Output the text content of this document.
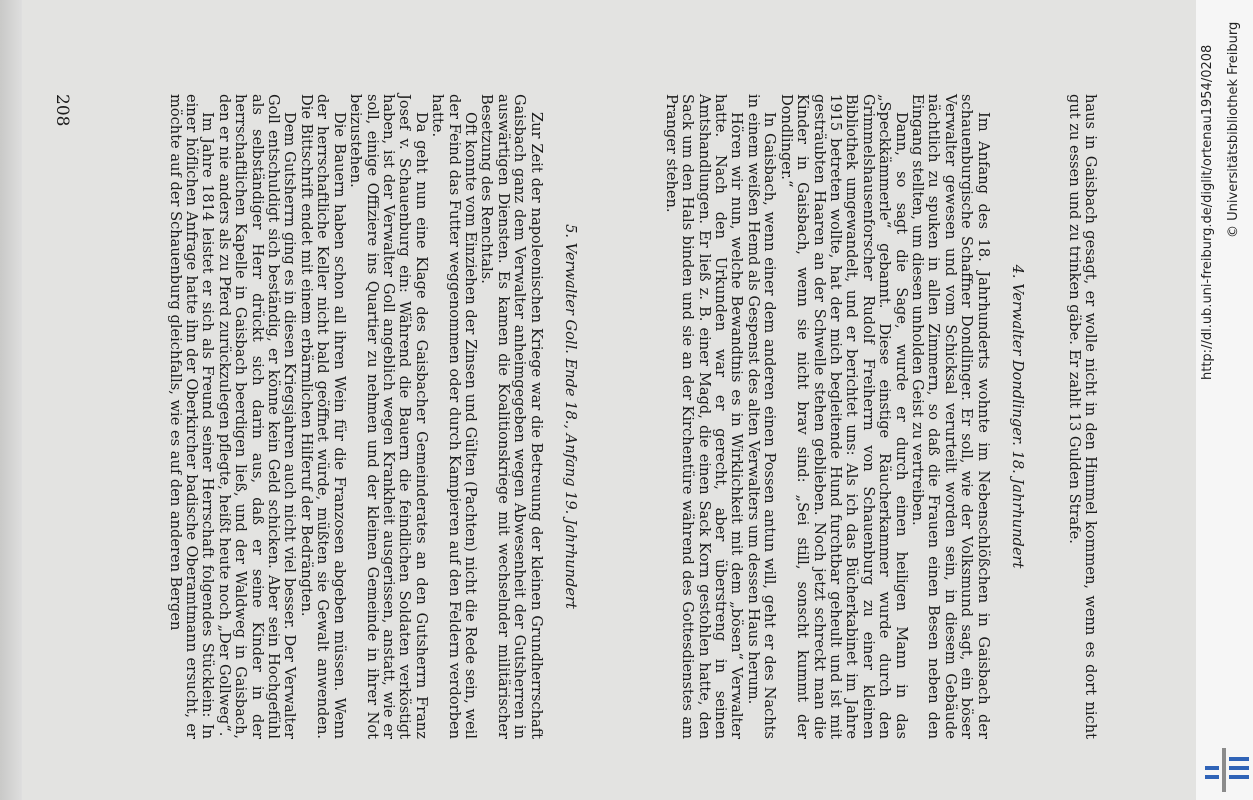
haus in Gaisbach gesagt, er wolle nicht in den Himmel kommen, wenn es dort nicht gut zu essen und zu trinken gäbe. Er zahlt 13 Gulden Strafe.

4. Verwalter Dondlinger. 18. Jahrhundert

Im Anfang des 18. Jahrhunderts wohnte im Nebenschlößchen in Gaisbach der schauenburgische Schaffner Dondlinger. Er soll, wie der Volksmund sagt, ein böser Verwalter gewesen und vom Schicksal verurteilt worden sein, in diesem Gebäude nächtlich zu spuken in allen Zimmern, so daß die Frauen einen Besen neben den Eingang stellten, um diesen unholden Geist zu vertreiben.

Dann, so sagt die Sage, wurde er durch einen heiligen Mann in das „Speckkämmerle“ gebannt. Diese einstige Räucherkammer wurde durch den Grimmelshausenforscher Rudolf Freiherrn von Schauenburg zu einer kleinen Bibliothek umgewandelt, und er berichtet uns: Als ich das Bücherkabinet im Jahre 1915 betreten wollte, hat der mich begleitende Hund furchtbar geheult und ist mit gesträubten Haaren an der Schwelle stehen geblieben. Noch jetzt schreckt man die Kinder in Gaisbach, wenn sie nicht brav sind: „Sei still, sonscht kummt der Dondlinger.“

In Gaisbach, wenn einer dem anderen einen Possen antun will, geht er des Nachts in einem weißen Hemd als Gespenst des alten Verwalters um dessen Haus herum.

Hören wir nun, welche Bewandtnis es in Wirklichkeit mit dem „bösen“ Verwalter hatte. Nach den Urkunden war er gerecht, aber überstreng in seinen Amtshandlungen. Er ließ z. B. einer Magd, die einen Sack Korn gestohlen hatte, den Sack um den Hals binden und sie an der Kirchentüre während des Gottesdienstes am Pranger stehen.

5. Verwalter Goll. Ende 18., Anfang 19. Jahrhundert

Zur Zeit der napoleonischen Kriege war die Betreuung der kleinen Grundherrschaft Gaisbach ganz dem Verwalter anheimgegeben wegen Abwesenheit der Gutsherren in auswärtigen Diensten. Es kamen die Koalitionskriege mit wechselnder militärischer Besetzung des Renchtals.

Oft konnte vom Einziehen der Zinsen und Gülten (Pachten) nicht die Rede sein, weil der Feind das Futter weggenommen oder durch Kampieren auf den Feldern verdorben hatte.

Da geht nun eine Klage des Gaisbacher Gemeinderates an den Gutsherrn Franz Josef v. Schauenburg ein: Während die Bauern die feindlichen Soldaten verköstigt haben, ist der Verwalter Goll angeblich wegen Krankheit ausgerissen, anstatt, wie er soll, einige Offiziere ins Quartier zu nehmen und der kleinen Gemeinde in ihrer Not beizustehen.

Die Bauern haben schon all ihren Wein für die Franzosen abgeben müssen. Wenn der herrschaftliche Keller nicht bald geöffnet würde, müßten sie Gewalt anwenden. Die Bittschrift endet mit einem erbärmlichen Hilferuf der Bedrängten.

Dem Gutsherrn ging es in diesen Kriegsjahren auch nicht viel besser. Der Verwalter Goll entschuldigt sich beständig, er könne kein Geld schicken. Aber sein Hochgefühl als selbständiger Herr drückt sich darin aus, daß er seine Kinder in der herrschaftlichen Kapelle in Gaisbach beerdigen ließ, und der Waldweg in Gaisbach, den er nie anders als zu Pferd zurückzulegen pflegte, heißt heute noch „Der Gollweg“.

Im Jahre 1814 leistet er sich als Freund seiner Herrschaft folgendes Stücklein: In einer höflichen Anfrage hatte ihn der Oberkircher badische Oberamtmann ersucht, er möchte auf der Schauenburg gleichfalls, wie es auf den anderen Bergen

208	http://dl.ub.uni-freiburg.de/diglit/ortenau1954/0208 © Universitätsbibliothek Freiburg
